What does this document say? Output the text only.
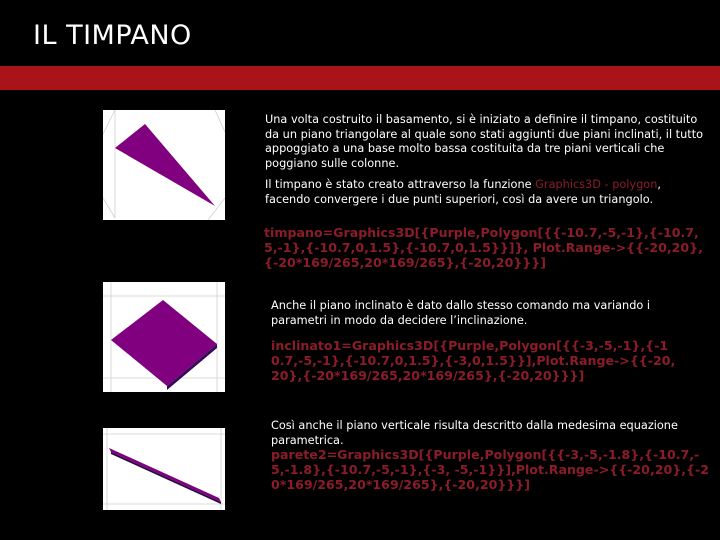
IL TIMPANO

Una volta costruito il basamento, si è iniziato a definire il timpano, costituito da un piano triangolare al quale sono stati aggiunti due piani inclinati, il tutto appoggiato a una base molto bassa costituita da tre piani verticali che poggiano sulle colonne.

Il timpano è stato creato attraverso la funzione Graphics3D - polygon, facendo convergere i due punti superiori, così da avere un triangolo.

timpano=Graphics3D[{Purple,Polygon[{{-10.7,-5,-1},{-10.7,5,-1},{-10.7,0,1.5},{-10.7,0,1.5}}]}, Plot.Range->{{-20,20},{-20*169/265,20*169/265},{-20,20}}}]

Anche il piano inclinato è dato dallo stesso comando ma variando i parametri in modo da decidere l’inclinazione.

inclinato1=Graphics3D[{Purple,Polygon[{{-3,-5,-1},{-10.7,-5,-1},{-10.7,0,1.5},{-3,0,1.5}}],Plot.Range->{{-20,20},{-20*169/265,20*169/265},{-20,20}}}]

Così anche il piano verticale risulta descritto dalla medesima equazione parametrica.

parete2=Graphics3D[{Purple,Polygon[{{-3,-5,-1.8},{-10.7,-5,-1.8},{-10.7,-5,-1},{-3, -5,-1}}],Plot.Range->{{-20,20},{-20*169/265,20*169/265},{-20,20}}}]
